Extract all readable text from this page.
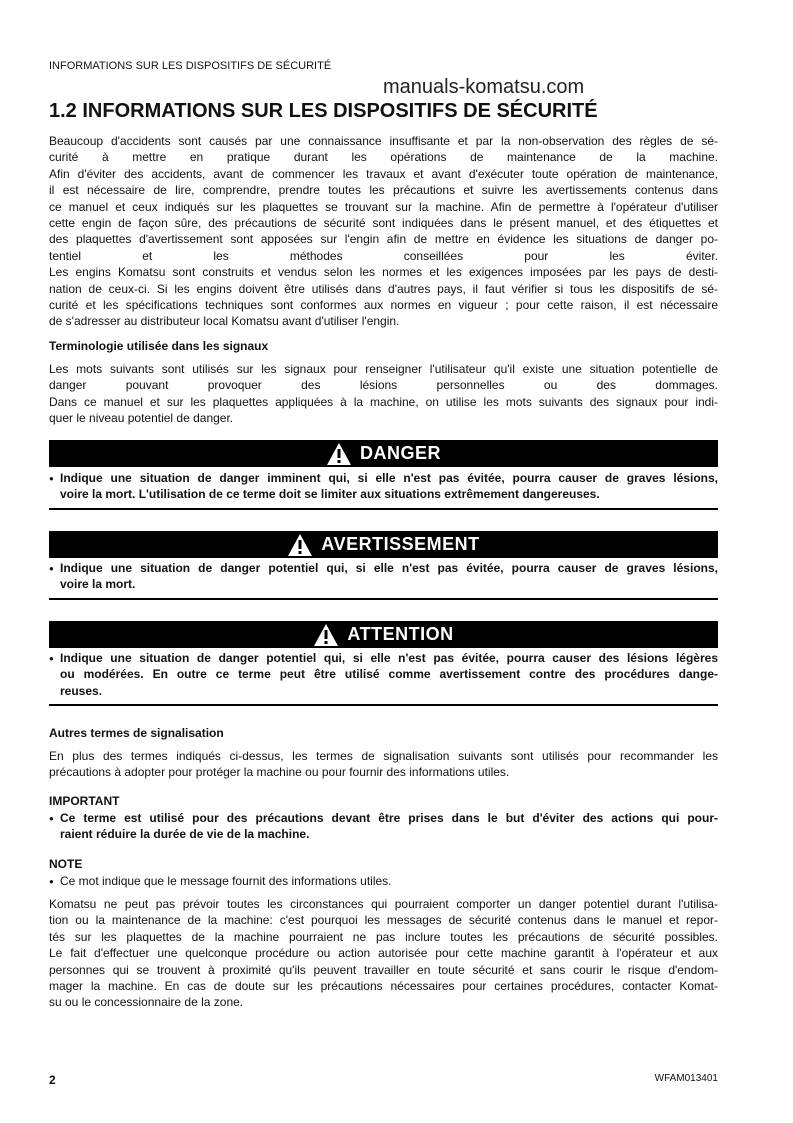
INFORMATIONS SUR LES DISPOSITIFS DE SÉCURITÉ
manuals-komatsu.com
1.2 INFORMATIONS SUR LES DISPOSITIFS DE SÉCURITÉ
Beaucoup d'accidents sont causés par une connaissance insuffisante et par la non-observation des règles de sé-
curité à mettre en pratique durant les opérations de maintenance de la machine.
Afin d'éviter des accidents, avant de commencer les travaux et avant d'exécuter toute opération de maintenance,
il est nécessaire de lire, comprendre, prendre toutes les précautions et suivre les avertissements contenus dans
ce manuel et ceux indiqués sur les plaquettes se trouvant sur la machine. Afin de permettre à l'opérateur d'utiliser
cette engin de façon sûre, des précautions de sécurité sont indiquées dans le présent manuel, et des étiquettes et
des plaquettes d'avertissement sont apposées sur l'engin afin de mettre en évidence les situations de danger po-
tentiel et les méthodes conseillées pour les éviter.
Les engins Komatsu sont construits et vendus selon les normes et les exigences imposées par les pays de desti-
nation de ceux-ci. Si les engins doivent être utilisés dans d'autres pays, il faut vérifier si tous les dispositifs de sé-
curité et les spécifications techniques sont conformes aux normes en vigueur ; pour cette raison, il est nécessaire
de s'adresser au distributeur local Komatsu avant d'utiliser l'engin.
Terminologie utilisée dans les signaux
Les mots suivants sont utilisés sur les signaux pour renseigner l'utilisateur qu'il existe une situation potentielle de
danger pouvant provoquer des lésions personnelles ou des dommages.
Dans ce manuel et sur les plaquettes appliquées à la machine, on utilise les mots suivants des signaux pour indi-
quer le niveau potentiel de danger.
DANGER
● Indique une situation de danger imminent qui, si elle n'est pas évitée, pourra causer de graves lésions,
voire la mort. L'utilisation de ce terme doit se limiter aux situations extrêmement dangereuses.
AVERTISSEMENT
● Indique une situation de danger potentiel qui, si elle n'est pas évitée, pourra causer de graves lésions,
voire la mort.
ATTENTION
● Indique une situation de danger potentiel qui, si elle n'est pas évitée, pourra causer des lésions légères
ou modérées. En outre ce terme peut être utilisé comme avertissement contre des procédures dange-
reuses.
Autres termes de signalisation
En plus des termes indiqués ci-dessus, les termes de signalisation suivants sont utilisés pour recommander les
précautions à adopter pour protéger la machine ou pour fournir des informations utiles.
IMPORTANT
● Ce terme est utilisé pour des précautions devant être prises dans le but d'éviter des actions qui pour-
raient réduire la durée de vie de la machine.
NOTE
● Ce mot indique que le message fournit des informations utiles.
Komatsu ne peut pas prévoir toutes les circonstances qui pourraient comporter un danger potentiel durant l'utilisa-
tion ou la maintenance de la machine: c'est pourquoi les messages de sécurité contenus dans le manuel et repor-
tés sur les plaquettes de la machine pourraient ne pas inclure toutes les précautions de sécurité possibles.
Le fait d'effectuer une quelconque procédure ou action autorisée pour cette machine garantit à l'opérateur et aux
personnes qui se trouvent à proximité qu'ils peuvent travailler en toute sécurité et sans courir le risque d'endom-
mager la machine. En cas de doute sur les précautions nécessaires pour certaines procédures, contacter Komat-
su ou le concessionnaire de la zone.
2	WFAM013401
